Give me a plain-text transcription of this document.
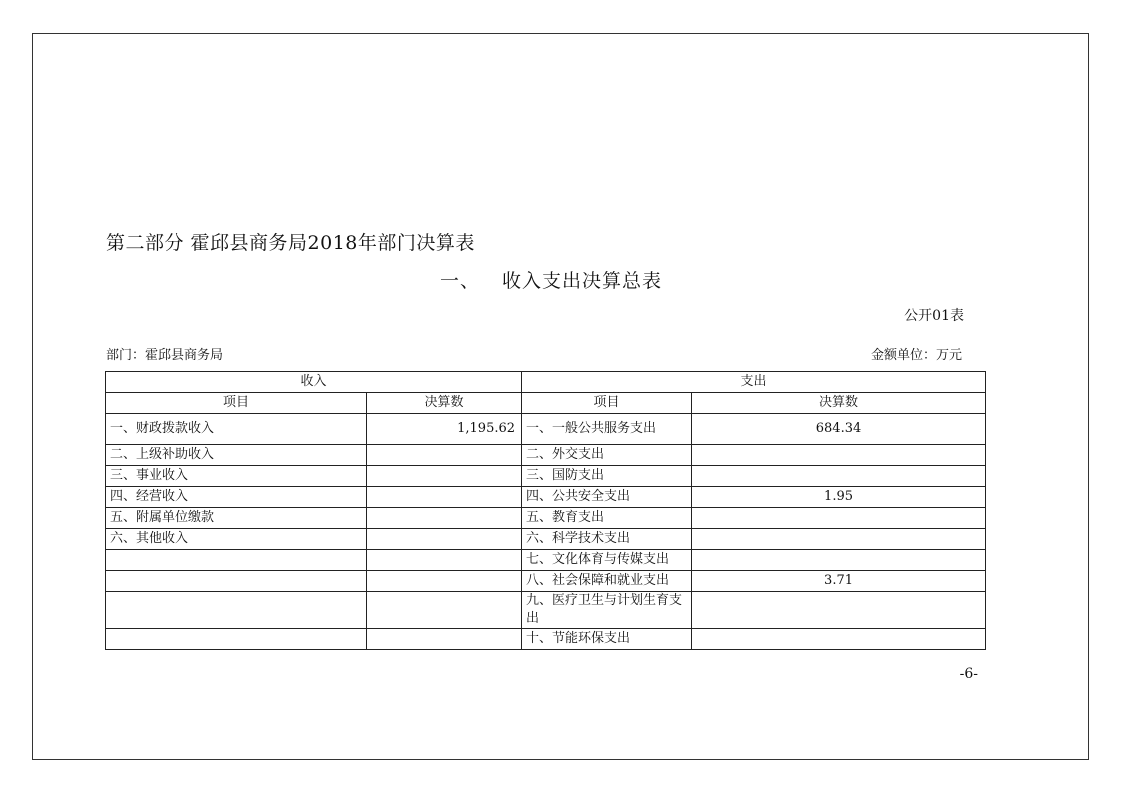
第二部分 霍邱县商务局2018年部门决算表
一、 收入支出决算总表
公开01表
部门：霍邱县商务局	金额单位：万元
收入		支出	
项目	决算数	项目	决算数
一、财政拨款收入	1,195.62	一、一般公共服务支出	684.34
二、上级补助收入		二、外交支出	
三、事业收入		三、国防支出	
四、经营收入		四、公共安全支出	1.95
五、附属单位缴款		五、教育支出	
六、其他收入		六、科学技术支出	
		七、文化体育与传媒支出	
		八、社会保障和就业支出	3.71
		九、医疗卫生与计划生育支出	
		十、节能环保支出	
-6-
